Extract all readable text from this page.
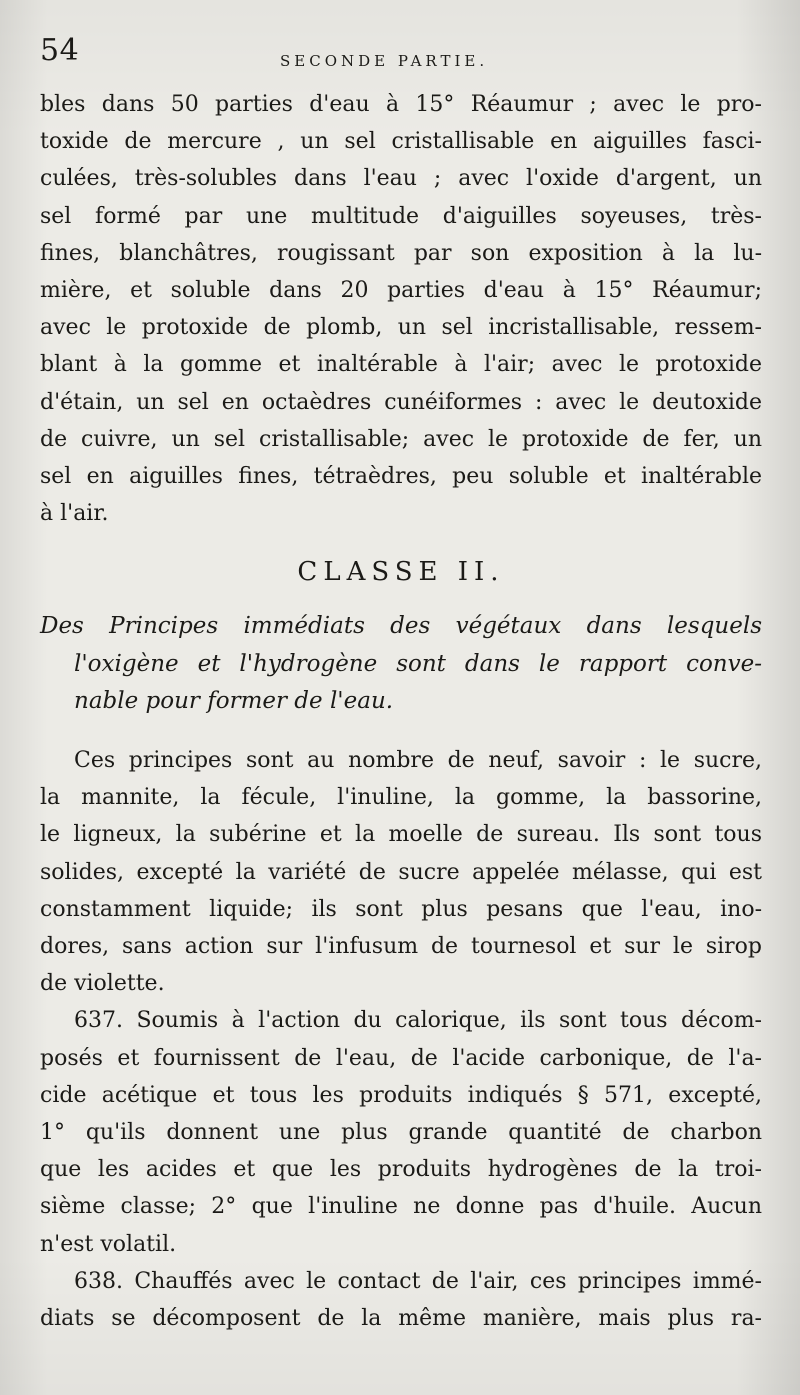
54	SECONDE PARTIE.
bles dans 50 parties d'eau à 15° Réaumur ; avec le pro-
toxide de mercure , un sel cristallisable en aiguilles fasci-
culées, très-solubles dans l'eau ; avec l'oxide d'argent, un
sel formé par une multitude d'aiguilles soyeuses, très-
fines, blanchâtres, rougissant par son exposition à la lu-
mière, et soluble dans 20 parties d'eau à 15° Réaumur;
avec le protoxide de plomb, un sel incristallisable, ressem-
blant à la gomme et inaltérable à l'air; avec le protoxide
d'étain, un sel en octaèdres cunéiformes : avec le deutoxide
de cuivre, un sel cristallisable; avec le protoxide de fer, un
sel en aiguilles fines, tétraèdres, peu soluble et inaltérable
à l'air.
CLASSE II.
Des Principes immédiats des végétaux dans lesquels
l'oxigène et l'hydrogène sont dans le rapport conve-
nable pour former de l'eau.
Ces principes sont au nombre de neuf, savoir : le sucre,
la mannite, la fécule, l'inuline, la gomme, la bassorine,
le ligneux, la subérine et la moelle de sureau. Ils sont tous
solides, excepté la variété de sucre appelée mélasse, qui est
constamment liquide; ils sont plus pesans que l'eau, ino-
dores, sans action sur l'infusum de tournesol et sur le sirop
de violette.
637. Soumis à l'action du calorique, ils sont tous décom-
posés et fournissent de l'eau, de l'acide carbonique, de l'a-
cide acétique et tous les produits indiqués § 571, excepté,
1° qu'ils donnent une plus grande quantité de charbon
que les acides et que les produits hydrogènes de la troi-
sième classe; 2° que l'inuline ne donne pas d'huile. Aucun
n'est volatil.
638. Chauffés avec le contact de l'air, ces principes immé-
diats se décomposent de la même manière, mais plus ra-
